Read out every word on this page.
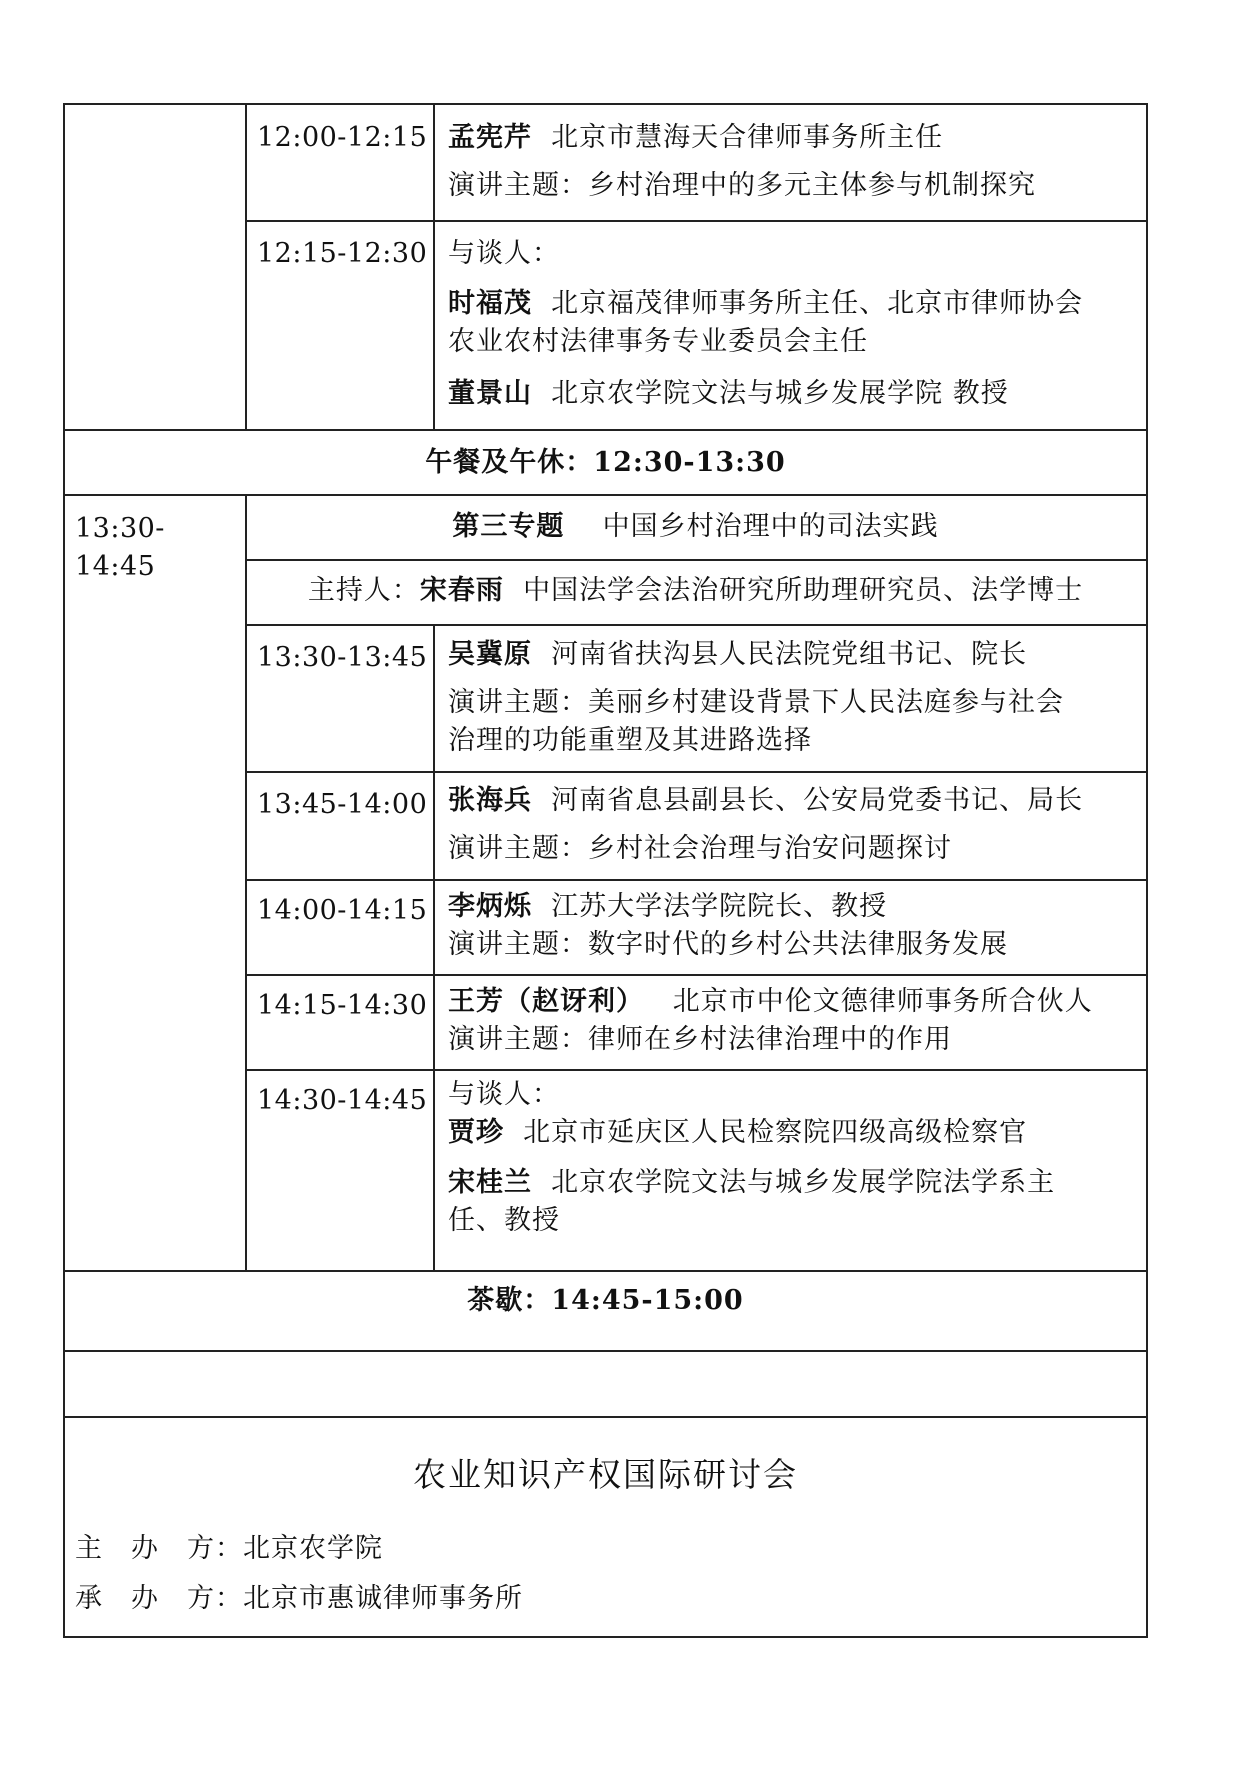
12:00-12:15 孟宪芹 北京市慧海天合律师事务所主任
演讲主题：乡村治理中的多元主体参与机制探究
12:15-12:30 与谈人：
时福茂 北京福茂律师事务所主任、北京市律师协会
农业农村法律事务专业委员会主任
董景山 北京农学院文法与城乡发展学院 教授
午餐及午休：12:30-13:30
13:30-
14:45
第三专题 中国乡村治理中的司法实践
主持人：宋春雨 中国法学会法治研究所助理研究员、法学博士
13:30-13:45 吴冀原 河南省扶沟县人民法院党组书记、院长
演讲主题：美丽乡村建设背景下人民法庭参与社会
治理的功能重塑及其进路选择
13:45-14:00 张海兵 河南省息县副县长、公安局党委书记、局长
演讲主题：乡村社会治理与治安问题探讨
14:00-14:15 李炳烁 江苏大学法学院院长、教授
演讲主题：数字时代的乡村公共法律服务发展
14:15-14:30 王芳（赵讶利） 北京市中伦文德律师事务所合伙人
演讲主题：律师在乡村法律治理中的作用
14:30-14:45 与谈人：
贾珍 北京市延庆区人民检察院四级高级检察官
宋桂兰 北京农学院文法与城乡发展学院法学系主
任、教授
茶歇：14:45-15:00
农业知识产权国际研讨会
主　办　方：北京农学院
承　办　方：北京市惠诚律师事务所
